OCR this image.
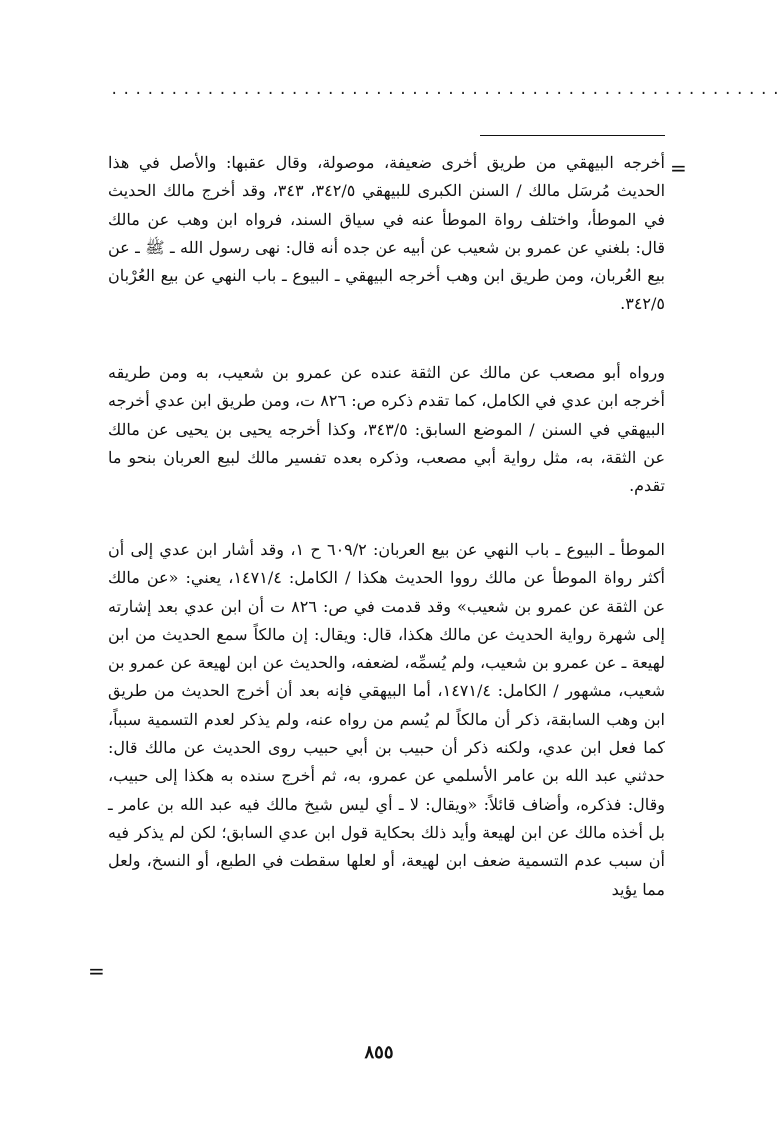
........................................................
=

أخرجه البيهقي من طريق أخرى ضعيفة، موصولة، وقال عقبها: والأصل في هذا الحديث مُرسَل مالك / السنن الكبرى للبيهقي ٣٤٢/٥، ٣٤٣، وقد أخرج مالك الحديث في الموطأ، واختلف رواة الموطأ عنه في سياق السند، فرواه ابن وهب عن مالك قال: بلغني عن عمرو بن شعيب عن أبيه عن جده أنه قال: نهى رسول الله ـ ﷺ ـ عن بيع العُربان، ومن طريق ابن وهب أخرجه البيهقي ـ البيوع ـ باب النهي عن بيع العُرْبان ٣٤٢/٥.

ورواه أبو مصعب عن مالك عن الثقة عنده عن عمرو بن شعيب، به ومن طريقه أخرجه ابن عدي في الكامل، كما تقدم ذكره ص: ٨٢٦ ت، ومن طريق ابن عدي أخرجه البيهقي في السنن / الموضع السابق: ٣٤٣/٥، وكذا أخرجه يحيى بن يحيى عن مالك عن الثقة، به، مثل رواية أبي مصعب، وذكره بعده تفسير مالك لبيع العربان بنحو ما تقدم.

الموطأ ـ البيوع ـ باب النهي عن بيع العربان: ٦٠٩/٢ ح ١، وقد أشار ابن عدي إلى أن أكثر رواة الموطأ عن مالك رووا الحديث هكذا / الكامل: ١٤٧١/٤، يعني: «عن مالك عن الثقة عن عمرو بن شعيب» وقد قدمت في ص: ٨٢٦ ت أن ابن عدي بعد إشارته إلى شهرة رواية الحديث عن مالك هكذا، قال: ويقال: إن مالكاً سمع الحديث من ابن لهيعة ـ عن عمرو بن شعيب، ولم يُسمِّه، لضعفه، والحديث عن ابن لهيعة عن عمرو بن شعيب، مشهور / الكامل: ١٤٧١/٤، أما البيهقي فإنه بعد أن أخرج الحديث من طريق ابن وهب السابقة، ذكر أن مالكاً لم يُسم من رواه عنه، ولم يذكر لعدم التسمية سبباً، كما فعل ابن عدي، ولكنه ذكر أن حبيب بن أبي حبيب روى الحديث عن مالك قال: حدثني عبد الله بن عامر الأسلمي عن عمرو، به، ثم أخرج سنده به هكذا إلى حبيب، وقال: فذكره، وأضاف قائلاً: «ويقال: لا ـ أي ليس شيخ مالك فيه عبد الله بن عامر ـ بل أخذه مالك عن ابن لهيعة وأيد ذلك بحكاية قول ابن عدي السابق؛ لكن لم يذكر فيه أن سبب عدم التسمية ضعف ابن لهيعة، أو لعلها سقطت في الطبع، أو النسخ، ولعل مما يؤيد

=
٨٥٥
